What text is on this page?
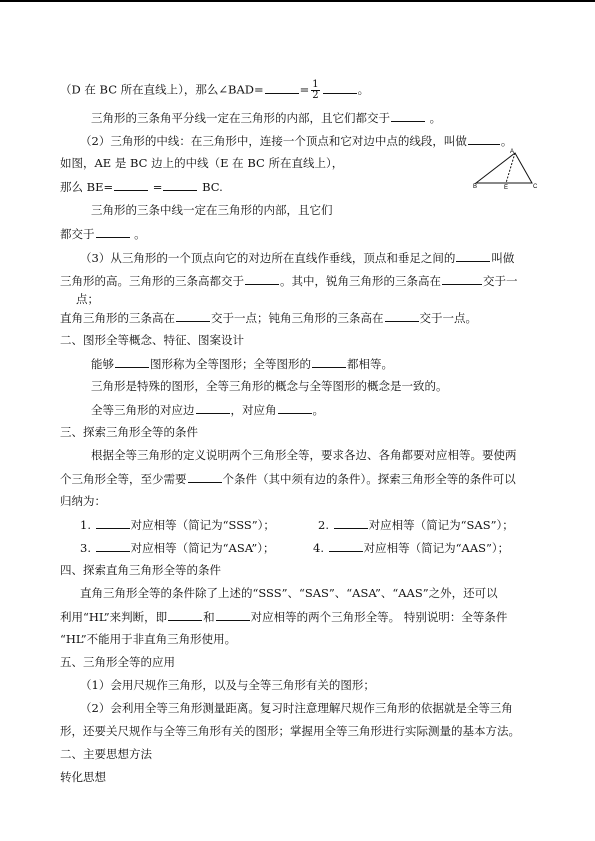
（D 在 BC 所在直线上），那么∠BAD=	= $\frac{1}{2}$	。
三角形的三条角平分线一定在三角形的内部，且它们都交于	。
（2）三角形的中线：在三角形中，连接一个顶点和它对边中点的线段，叫做	。
如图，AE 是 BC 边上的中线（E 在 BC 所在直线上），
那么 BE=	=	BC.
A
B	E	C
三角形的三条中线一定在三角形的内部，且它们
都交于	。
（3）从三角形的一个顶点向它的对边所在直线作垂线，顶点和垂足之间的	叫做
三角形的高。三角形的三条高都交于	。其中，锐角三角形的三条高在	交于一
点；
直角三角形的三条高在	交于一点；钝角三角形的三条高在	交于一点。
二、图形全等概念、特征、图案设计
能够	图形称为全等图形；全等图形的	都相等。
三角形是特殊的图形，全等三角形的概念与全等图形的概念是一致的。
全等三角形的对应边	，对应角	。
三、探索三角形全等的条件
根据全等三角形的定义说明两个三角形全等，要求各边、各角都要对应相等。要使两
个三角形全等，至少需要	个条件（其中须有边的条件）。探索三角形全等的条件可以
归纳为：
1.	对应相等（简记为“SSS”）；	2.	对应相等（简记为“SAS”）；
3.	对应相等（简记为“ASA”）；	4.	对应相等（简记为“AAS”）；
四、探索直角三角形全等的条件
直角三角形全等的条件除了上述的“SSS”、“SAS”、“ASA”、“AAS”之外，还可以
利用“HL”来判断，即	和	对应相等的两个三角形全等。 特别说明：全等条件
“HL”不能用于非直角三角形使用。
五、三角形全等的应用
（1）会用尺规作三角形，以及与全等三角形有关的图形；
（2）会利用全等三角形测量距离。复习时注意理解尺规作三角形的依据就是全等三角
形，还要关尺规作与全等三角形有关的图形；掌握用全等三角形进行实际测量的基本方法。
二、主要思想方法
转化思想
